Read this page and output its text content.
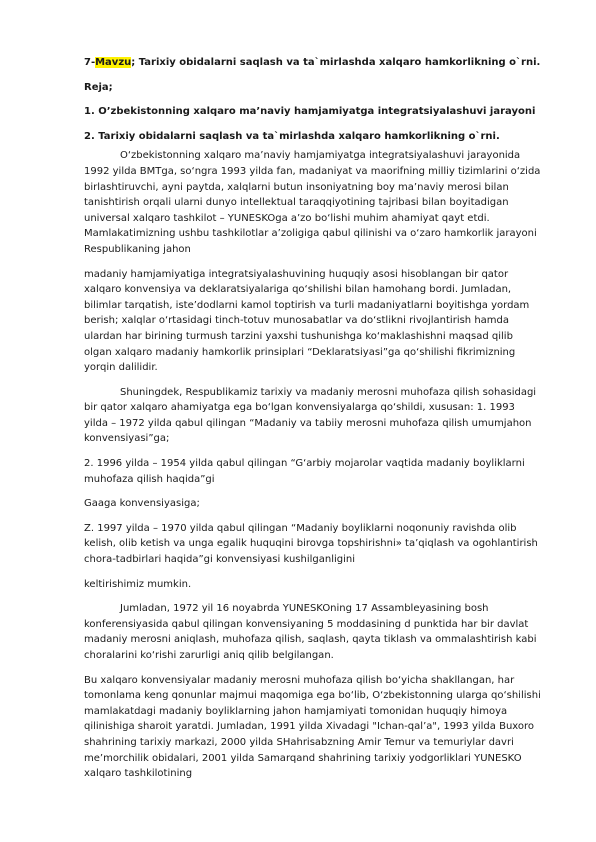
7-Mavzu; Tarixiy obidalarni saqlash va ta`mirlashda xalqaro hamkorlikning o`rni.

Reja;

1. O’zbekistonning xalqaro ma’naviy hamjamiyatga integratsiyalashuvi jarayoni

2. Tarixiy obidalarni saqlash va ta`mirlashda xalqaro hamkorlikning o`rni.

O‘zbekistonning xalqaro ma’naviy hamjamiyatga integratsiyalashuvi jarayonida 1992 yilda BMTga, so‘ngra 1993 yilda fan, madaniyat va maorifning milliy tizimlarini o‘zida birlashtiruvchi, ayni paytda, xalqlarni butun insoniyatning boy ma’naviy merosi bilan tanishtirish orqali ularni dunyo intellektual taraqqiyotining tajribasi bilan boyitadigan universal xalqaro tashkilot – YUNESKOga a’zo bo‘lishi muhim ahamiyat qayt etdi. Mamlakatimizning ushbu tashkilotlar a’zoligiga qabul qilinishi va o‘zaro hamkorlik jarayoni Respublikaning jahon

madaniy hamjamiyatiga integratsiyalashuvining huquqiy asosi hisoblangan bir qator xalqaro konvensiya va deklaratsiyalariga qo‘shilishi bilan hamohang bordi. Jumladan, bilimlar tarqatish, iste’dodlarni kamol toptirish va turli madaniyatlarni boyitishga yordam berish; xalqlar o‘rtasidagi tinch-totuv munosabatlar va do‘stlikni rivojlantirish hamda ulardan har birining turmush tarzini yaxshi tushunishga ko‘maklashishni maqsad qilib olgan xalqaro madaniy hamkorlik prinsiplari “Deklaratsiyasi”ga qo‘shilishi fikrimizning yorqin dalilidir.

Shuningdek, Respublikamiz tarixiy va madaniy merosni muhofaza qilish sohasidagi bir qator xalqaro ahamiyatga ega bo‘lgan konvensiyalarga qo‘shildi, xususan: 1. 1993 yilda – 1972 yilda qabul qilingan “Madaniy va tabiiy merosni muhofaza qilish umumjahon konvensiyasi”ga;

2. 1996 yilda – 1954 yilda qabul qilingan “G‘arbiy mojarolar vaqtida madaniy boyliklarni muhofaza qilish haqida”gi

Gaaga konvensiyasiga;

Z. 1997 yilda – 1970 yilda qabul qilingan “Madaniy boyliklarni noqonuniy ravishda olib kelish, olib ketish va unga egalik huquqini birovga topshirishni» ta’qiqlash va ogohlantirish chora-tadbirlari haqida”gi konvensiyasi kushilganligini

keltirishimiz mumkin.

Jumladan, 1972 yil 16 noyabrda YUNESKOning 17 Assambleyasining bosh konferensiyasida qabul qilingan konvensiyaning 5 moddasining d punktida har bir davlat madaniy merosni aniqlash, muhofaza qilish, saqlash, qayta tiklash va ommalashtirish kabi choralarini ko‘rishi zarurligi aniq qilib belgilangan.

Bu xalqaro konvensiyalar madaniy merosni muhofaza qilish bo‘yicha shakllangan, har tomonlama keng qonunlar majmui maqomiga ega bo‘lib, O‘zbekistonning ularga qo‘shilishi mamlakatdagi madaniy boyliklarning jahon hamjamiyati tomonidan huquqiy himoya qilinishiga sharoit yaratdi. Jumladan, 1991 yilda Xivadagi "Ichan-qal’a", 1993 yilda Buxoro shahrining tarixiy markazi, 2000 yilda SHahrisabzning Amir Temur va temuriylar davri me’morchilik obidalari, 2001 yilda Samarqand shahrining tarixiy yodgorliklari YUNESKO xalqaro tashkilotining
